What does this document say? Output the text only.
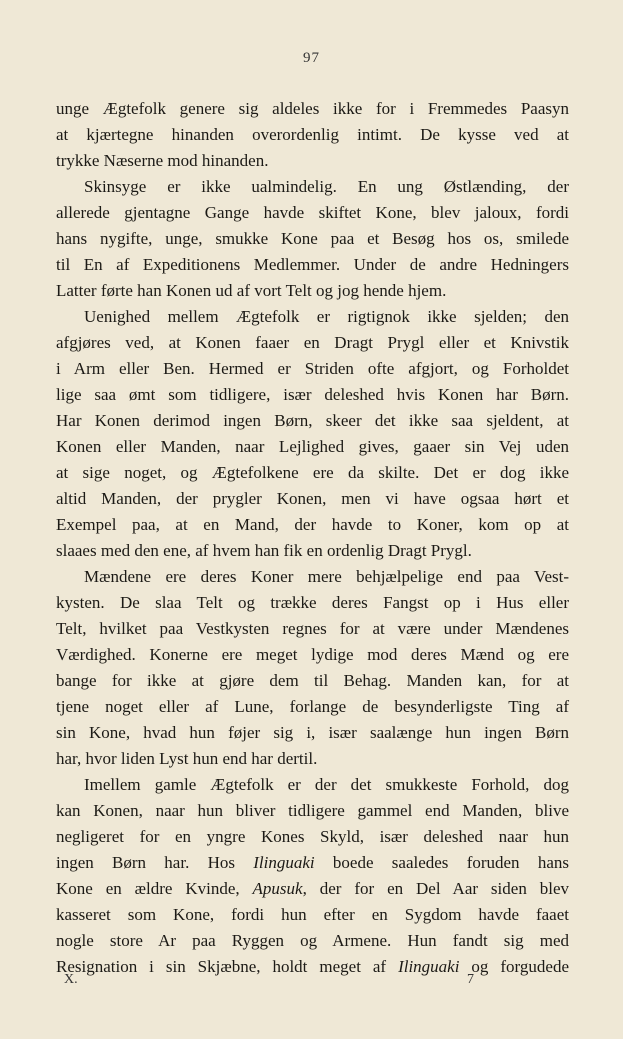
97
unge Ægtefolk genere sig aldeles ikke for i Fremmedes Paasyn
at kjærtegne hinanden overordenlig intimt. De kysse ved at
trykke Næserne mod hinanden.
Skinsyge er ikke ualmindelig. En ung Østlænding, der
allerede gjentagne Gange havde skiftet Kone, blev jaloux, fordi
hans nygifte, unge, smukke Kone paa et Besøg hos os, smilede
til En af Expeditionens Medlemmer. Under de andre Hedningers
Latter førte han Konen ud af vort Telt og jog hende hjem.
Uenighed mellem Ægtefolk er rigtignok ikke sjelden; den
afgjøres ved, at Konen faaer en Dragt Prygl eller et Knivstik
i Arm eller Ben. Hermed er Striden ofte afgjort, og Forholdet
lige saa ømt som tidligere, især deleshed hvis Konen har Børn.
Har Konen derimod ingen Børn, skeer det ikke saa sjeldent, at
Konen eller Manden, naar Lejlighed gives, gaaer sin Vej uden
at sige noget, og Ægtefolkene ere da skilte. Det er dog ikke
altid Manden, der prygler Konen, men vi have ogsaa hørt et
Exempel paa, at en Mand, der havde to Koner, kom op at
slaaes med den ene, af hvem han fik en ordenlig Dragt Prygl.
Mændene ere deres Koner mere behjælpelige end paa Vest-
kysten. De slaa Telt og trække deres Fangst op i Hus eller
Telt, hvilket paa Vestkysten regnes for at være under Mændenes
Værdighed. Konerne ere meget lydige mod deres Mænd og ere
bange for ikke at gjøre dem til Behag. Manden kan, for at
tjene noget eller af Lune, forlange de besynderligste Ting af
sin Kone, hvad hun føjer sig i, især saalænge hun ingen Børn
har, hvor liden Lyst hun end har dertil.
Imellem gamle Ægtefolk er der det smukkeste Forhold, dog
kan Konen, naar hun bliver tidligere gammel end Manden, blive
negligeret for en yngre Kones Skyld, især deleshed naar hun
ingen Børn har. Hos Ilinguaki boede saaledes foruden hans
Kone en ældre Kvinde, Apusuk, der for en Del Aar siden blev
kasseret som Kone, fordi hun efter en Sygdom havde faaet
nogle store Ar paa Ryggen og Armene. Hun fandt sig med
Resignation i sin Skjæbne, holdt meget af Ilinguaki og forgudede
X.	7
